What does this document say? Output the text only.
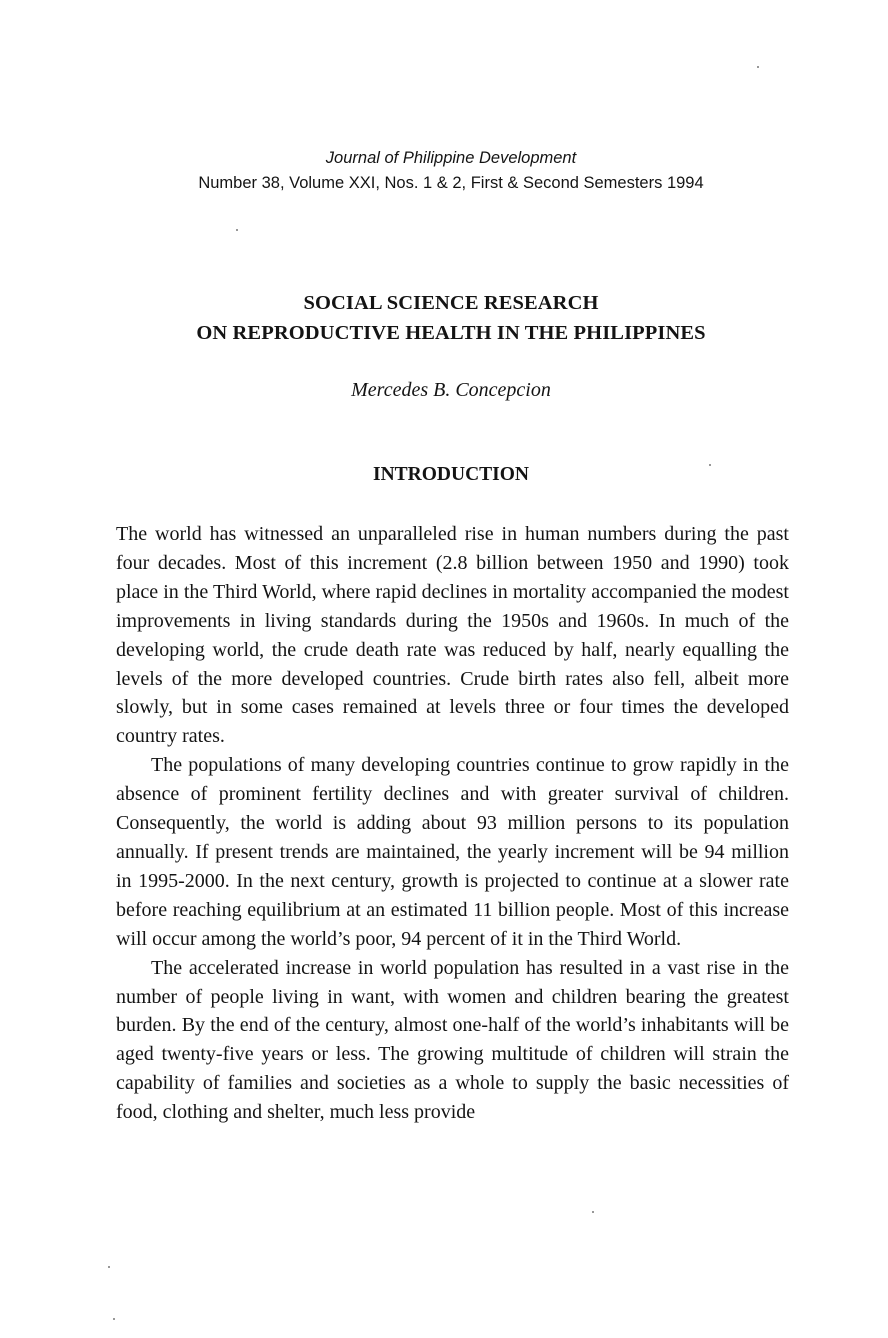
Journal of Philippine Development
Number 38, Volume XXI, Nos. 1 & 2, First & Second Semesters 1994
SOCIAL SCIENCE RESEARCH
ON REPRODUCTIVE HEALTH IN THE PHILIPPINES
Mercedes B. Concepcion
INTRODUCTION

The world has witnessed an unparalleled rise in human numbers during the past four decades. Most of this increment (2.8 billion between 1950 and 1990) took place in the Third World, where rapid declines in mortality accompanied the modest improvements in living standards during the 1950s and 1960s. In much of the developing world, the crude death rate was reduced by half, nearly equalling the levels of the more developed countries. Crude birth rates also fell, albeit more slowly, but in some cases remained at levels three or four times the developed country rates.

The populations of many developing countries continue to grow rapidly in the absence of prominent fertility declines and with greater survival of children. Consequently, the world is adding about 93 million persons to its population annually. If present trends are maintained, the yearly increment will be 94 million in 1995-2000. In the next century, growth is projected to continue at a slower rate before reaching equilibrium at an estimated 11 billion people. Most of this increase will occur among the world’s poor, 94 percent of it in the Third World.

The accelerated increase in world population has resulted in a vast rise in the number of people living in want, with women and children bearing the greatest burden. By the end of the century, almost one-half of the world’s inhabitants will be aged twenty-five years or less. The growing multitude of children will strain the capability of families and societies as a whole to supply the basic necessities of food, clothing and shelter, much less provide
